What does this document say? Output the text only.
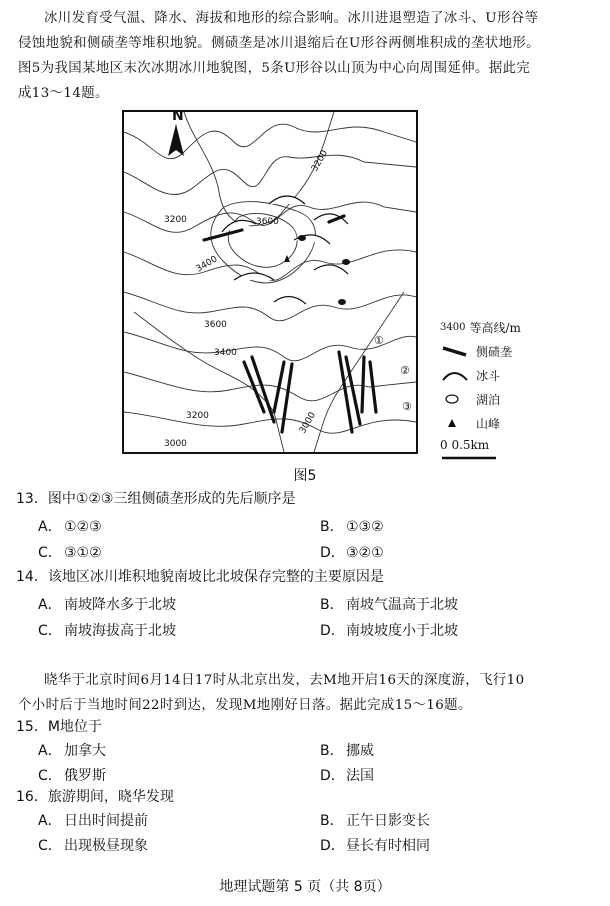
冰川发育受气温、降水、海拔和地形的综合影响。冰川进退塑造了冰斗、U形谷等

侵蚀地貌和侧碛垄等堆积地貌。侧碛垄是冰川退缩后在U形谷两侧堆积成的垄状地形。

图5为我国某地区末次冰期冰川地貌图，5条U形谷以山顶为中心向周围延伸。据此完

成13～14题。

N
3200
3200	3600
3400
3600
3400
3200	3000
3000
①
②
③
3400 等高线/m
侧碛垄
冰斗
湖泊
山峰
0 0.5km
图5
13．图中①②③三组侧碛垄形成的先后顺序是
A． ①②③	B． ①③②
C． ③①②	D．③②①
14．该地区冰川堆积地貌南坡比北坡保存完整的主要原因是
A． 南坡降水多于北坡	B． 南坡气温高于北坡
C． 南坡海拔高于北坡	D．南坡坡度小于北坡

晓华于北京时间6月14日17时从北京出发，去M地开启16天的深度游，飞行10

个小时后于当地时间22时到达，发现M地刚好日落。据此完成15～16题。

15．M地位于
A． 加拿大	B． 挪威
C． 俄罗斯	D．法国
16．旅游期间，晓华发现
A． 日出时间提前	B． 正午日影变长
C． 出现极昼现象	D．昼长有时相同
地理试题第 5 页（共 8页）
